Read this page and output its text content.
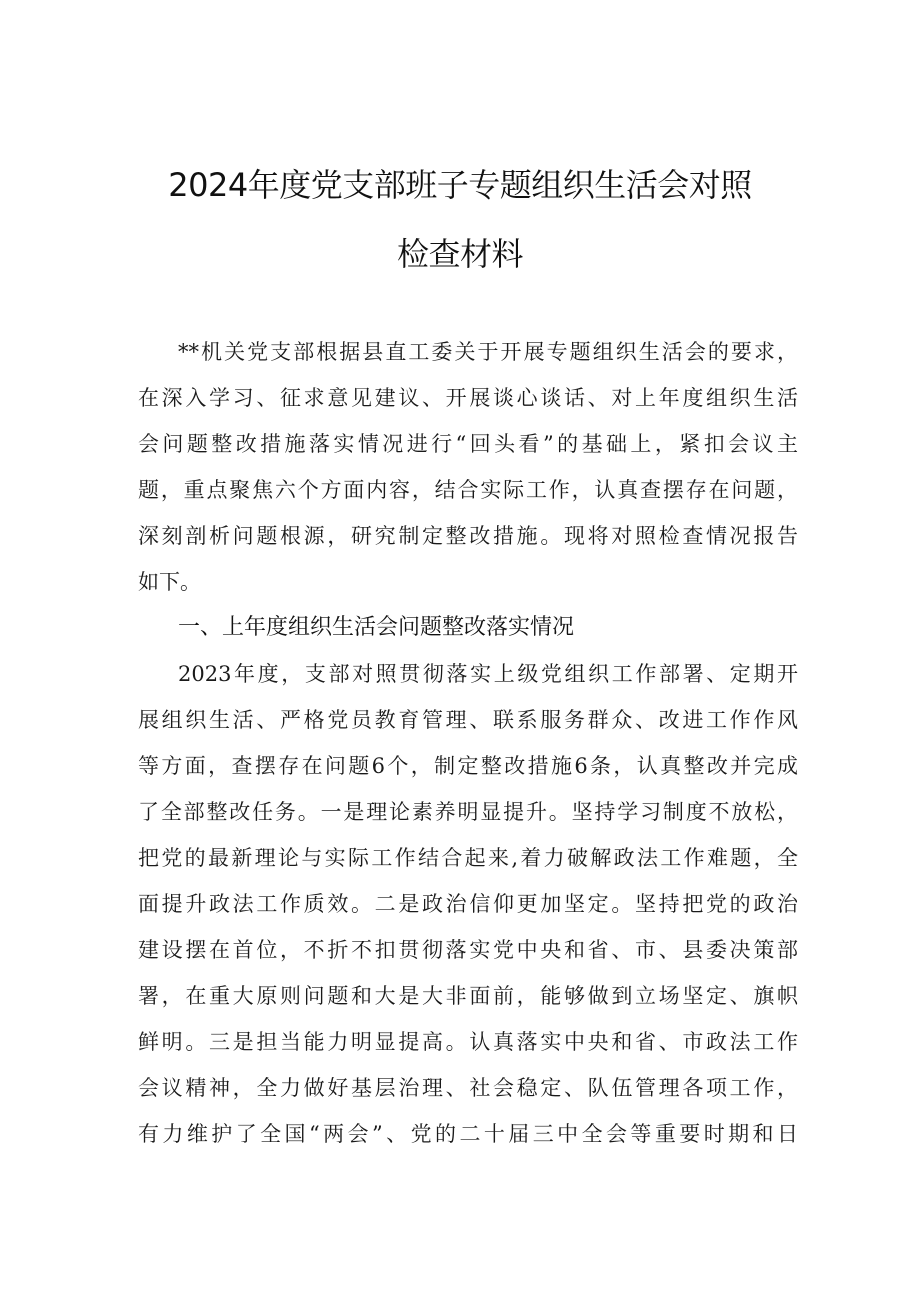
2024年度党支部班子专题组织生活会对照
检查材料
**机关党支部根据县直工委关于开展专题组织生活会的要求，
在深入学习、征求意见建议、开展谈心谈话、对上年度组织生活
会问题整改措施落实情况进行“回头看”的基础上，紧扣会议主
题，重点聚焦六个方面内容，结合实际工作，认真查摆存在问题，
深刻剖析问题根源，研究制定整改措施。现将对照检查情况报告
如下。
一、上年度组织生活会问题整改落实情况
2023年度，支部对照贯彻落实上级党组织工作部署、定期开
展组织生活、严格党员教育管理、联系服务群众、改进工作作风
等方面，查摆存在问题6个，制定整改措施6条，认真整改并完成
了全部整改任务。一是理论素养明显提升。坚持学习制度不放松，
把党的最新理论与实际工作结合起来,着力破解政法工作难题，全
面提升政法工作质效。二是政治信仰更加坚定。坚持把党的政治
建设摆在首位，不折不扣贯彻落实党中央和省、市、县委决策部
署，在重大原则问题和大是大非面前，能够做到立场坚定、旗帜
鲜明。三是担当能力明显提高。认真落实中央和省、市政法工作
会议精神，全力做好基层治理、社会稳定、队伍管理各项工作，
有力维护了全国“两会”、党的二十届三中全会等重要时期和日
